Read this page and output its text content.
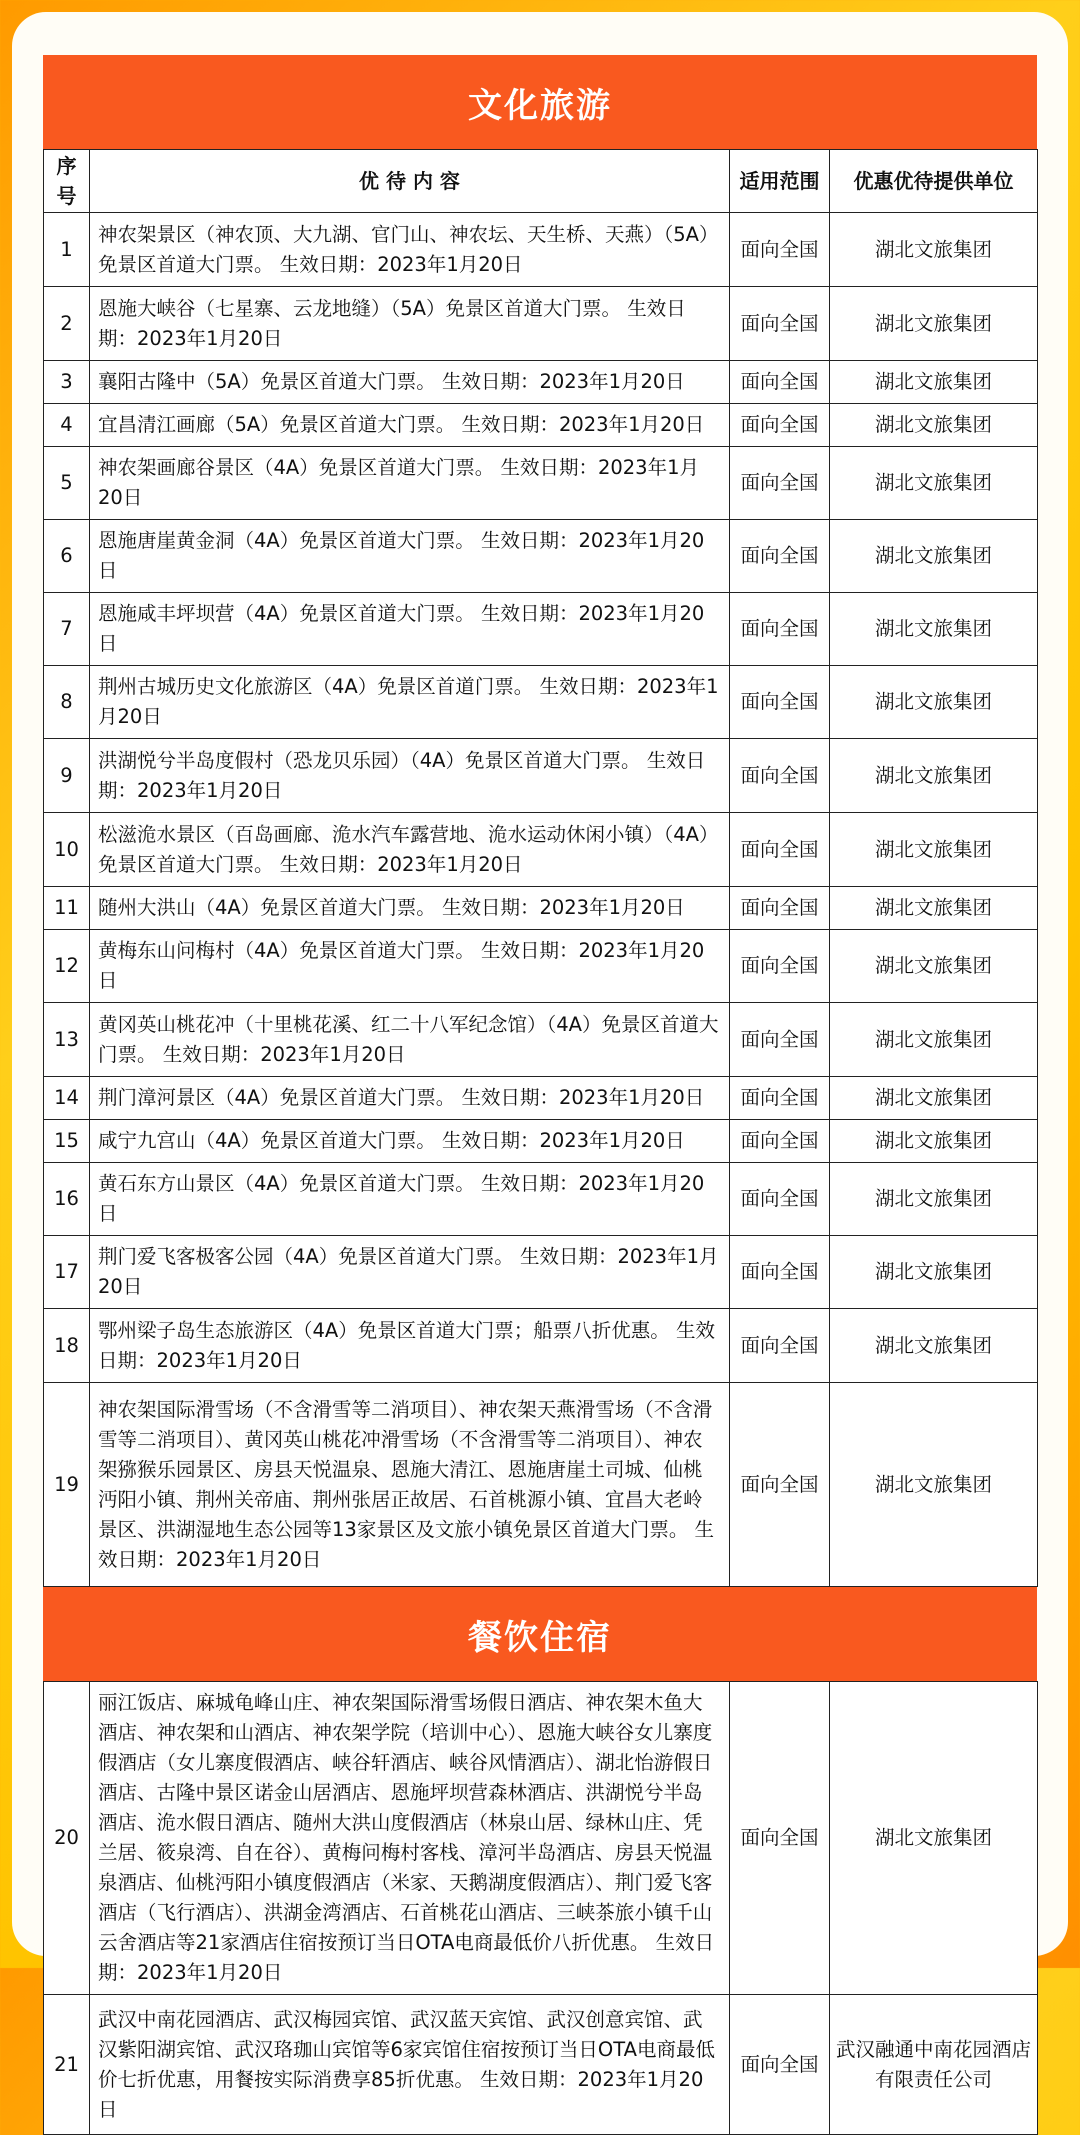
文化旅游
序号	优 待 内 容	适用范围	优惠优待提供单位
1	神农架景区（神农顶、大九湖、官门山、神农坛、天生桥、天燕）（5A）免景区首道大门票。 生效日期：2023年1月20日	面向全国	湖北文旅集团
2	恩施大峡谷（七星寨、云龙地缝）（5A）免景区首道大门票。 生效日期：2023年1月20日	面向全国	湖北文旅集团
3	襄阳古隆中（5A）免景区首道大门票。 生效日期：2023年1月20日	面向全国	湖北文旅集团
4	宜昌清江画廊（5A）免景区首道大门票。 生效日期：2023年1月20日	面向全国	湖北文旅集团
5	神农架画廊谷景区（4A）免景区首道大门票。 生效日期：2023年1月20日	面向全国	湖北文旅集团
6	恩施唐崖黄金洞（4A）免景区首道大门票。 生效日期：2023年1月20日	面向全国	湖北文旅集团
7	恩施咸丰坪坝营（4A）免景区首道大门票。 生效日期：2023年1月20日	面向全国	湖北文旅集团
8	荆州古城历史文化旅游区（4A）免景区首道门票。 生效日期：2023年1月20日	面向全国	湖北文旅集团
9	洪湖悦兮半岛度假村（恐龙贝乐园）（4A）免景区首道大门票。 生效日期：2023年1月20日	面向全国	湖北文旅集团
10	松滋洈水景区（百岛画廊、洈水汽车露营地、洈水运动休闲小镇）（4A）免景区首道大门票。 生效日期：2023年1月20日	面向全国	湖北文旅集团
11	随州大洪山（4A）免景区首道大门票。 生效日期：2023年1月20日	面向全国	湖北文旅集团
12	黄梅东山问梅村（4A）免景区首道大门票。 生效日期：2023年1月20日	面向全国	湖北文旅集团
13	黄冈英山桃花冲（十里桃花溪、红二十八军纪念馆）（4A）免景区首道大门票。 生效日期：2023年1月20日	面向全国	湖北文旅集团
14	荆门漳河景区（4A）免景区首道大门票。 生效日期：2023年1月20日	面向全国	湖北文旅集团
15	咸宁九宫山（4A）免景区首道大门票。 生效日期：2023年1月20日	面向全国	湖北文旅集团
16	黄石东方山景区（4A）免景区首道大门票。 生效日期：2023年1月20日	面向全国	湖北文旅集团
17	荆门爱飞客极客公园（4A）免景区首道大门票。 生效日期：2023年1月20日	面向全国	湖北文旅集团
18	鄂州梁子岛生态旅游区（4A）免景区首道大门票；船票八折优惠。 生效日期：2023年1月20日	面向全国	湖北文旅集团
19	神农架国际滑雪场（不含滑雪等二消项目）、神农架天燕滑雪场（不含滑雪等二消项目）、黄冈英山桃花冲滑雪场（不含滑雪等二消项目）、神农架猕猴乐园景区、房县天悦温泉、恩施大清江、恩施唐崖土司城、仙桃沔阳小镇、荆州关帝庙、荆州张居正故居、石首桃源小镇、宜昌大老岭景区、洪湖湿地生态公园等13家景区及文旅小镇免景区首道大门票。 生效日期：2023年1月20日	面向全国	湖北文旅集团
餐饮住宿
20	丽江饭店、麻城龟峰山庄、神农架国际滑雪场假日酒店、神农架木鱼大酒店、神农架和山酒店、神农架学院（培训中心）、恩施大峡谷女儿寨度假酒店（女儿寨度假酒店、峡谷轩酒店、峡谷风情酒店）、湖北怡游假日酒店、古隆中景区诺金山居酒店、恩施坪坝营森林酒店、洪湖悦兮半岛酒店、洈水假日酒店、随州大洪山度假酒店（林泉山居、绿林山庄、凭兰居、筱泉湾、自在谷）、黄梅问梅村客栈、漳河半岛酒店、房县天悦温泉酒店、仙桃沔阳小镇度假酒店（米家、天鹅湖度假酒店）、荆门爱飞客酒店（飞行酒店）、洪湖金湾酒店、石首桃花山酒店、三峡茶旅小镇千山云舍酒店等21家酒店住宿按预订当日OTA电商最低价八折优惠。 生效日期：2023年1月20日	面向全国	湖北文旅集团
21	武汉中南花园酒店、武汉梅园宾馆、武汉蓝天宾馆、武汉创意宾馆、武汉紫阳湖宾馆、武汉珞珈山宾馆等6家宾馆住宿按预订当日OTA电商最低价七折优惠，用餐按实际消费享85折优惠。 生效日期：2023年1月20日	面向全国	武汉融通中南花园酒店有限责任公司
